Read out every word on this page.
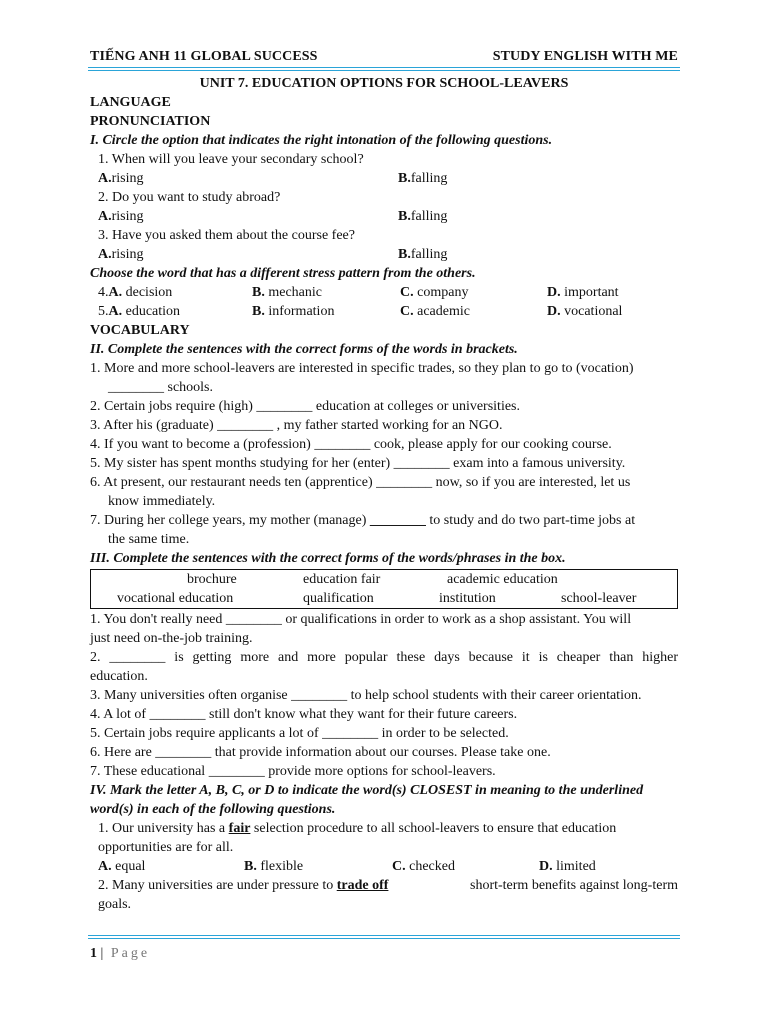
TIẾNG ANH 11 GLOBAL SUCCESS	STUDY ENGLISH WITH ME
UNIT 7. EDUCATION OPTIONS FOR SCHOOL-LEAVERS
LANGUAGE
PRONUNCIATION
I. Circle the option that indicates the right intonation of the following questions.
1. When will you leave your secondary school?
A.rising	B.falling
2. Do you want to study abroad?
A.rising	B.falling
3. Have you asked them about the course fee?
A.rising	B.falling
Choose the word that has a different stress pattern from the others.
4.A. decision	B. mechanic	C. company	D. important
5.A. education	B. information	C. academic	D. vocational
VOCABULARY
II. Complete the sentences with the correct forms of the words in brackets.
1. More and more school-leavers are interested in specific trades, so they plan to go to (vocation)
________ schools.
2. Certain jobs require (high) ________ education at colleges or universities.
3. After his (graduate) ________ , my father started working for an NGO.
4. If you want to become a (profession) ________ cook, please apply for our cooking course.
5. My sister has spent months studying for her (enter) ________ exam into a famous university.
6. At present, our restaurant needs ten (apprentice) ________ now, so if you are interested, let us
know immediately.
7. During her college years, my mother (manage) ________ to study and do two part-time jobs at
the same time.
III. Complete the sentences with the correct forms of the words/phrases in the box.
brochure	education fair	academic education
vocational education	qualification	institution	school-leaver
1. You don't really need ________ or qualifications in order to work as a shop assistant. You will
just need on-the-job training.
2. ________ is getting more and more popular these days because it is cheaper than higher
education.
3. Many universities often organise ________ to help school students with their career orientation.
4. A lot of ________ still don't know what they want for their future careers.
5. Certain jobs require applicants a lot of ________ in order to be selected.
6. Here are ________ that provide information about our courses. Please take one.
7. These educational ________ provide more options for school-leavers.
IV. Mark the letter A, B, C, or D to indicate the word(s) CLOSEST in meaning to the underlined
word(s) in each of the following questions.
1. Our university has a fair selection procedure to all school-leavers to ensure that education
opportunities are for all.
A. equal	B. flexible	C. checked	D. limited
2. Many universities are under pressure to trade off	short-term benefits against long-term
goals.
1 | Page
